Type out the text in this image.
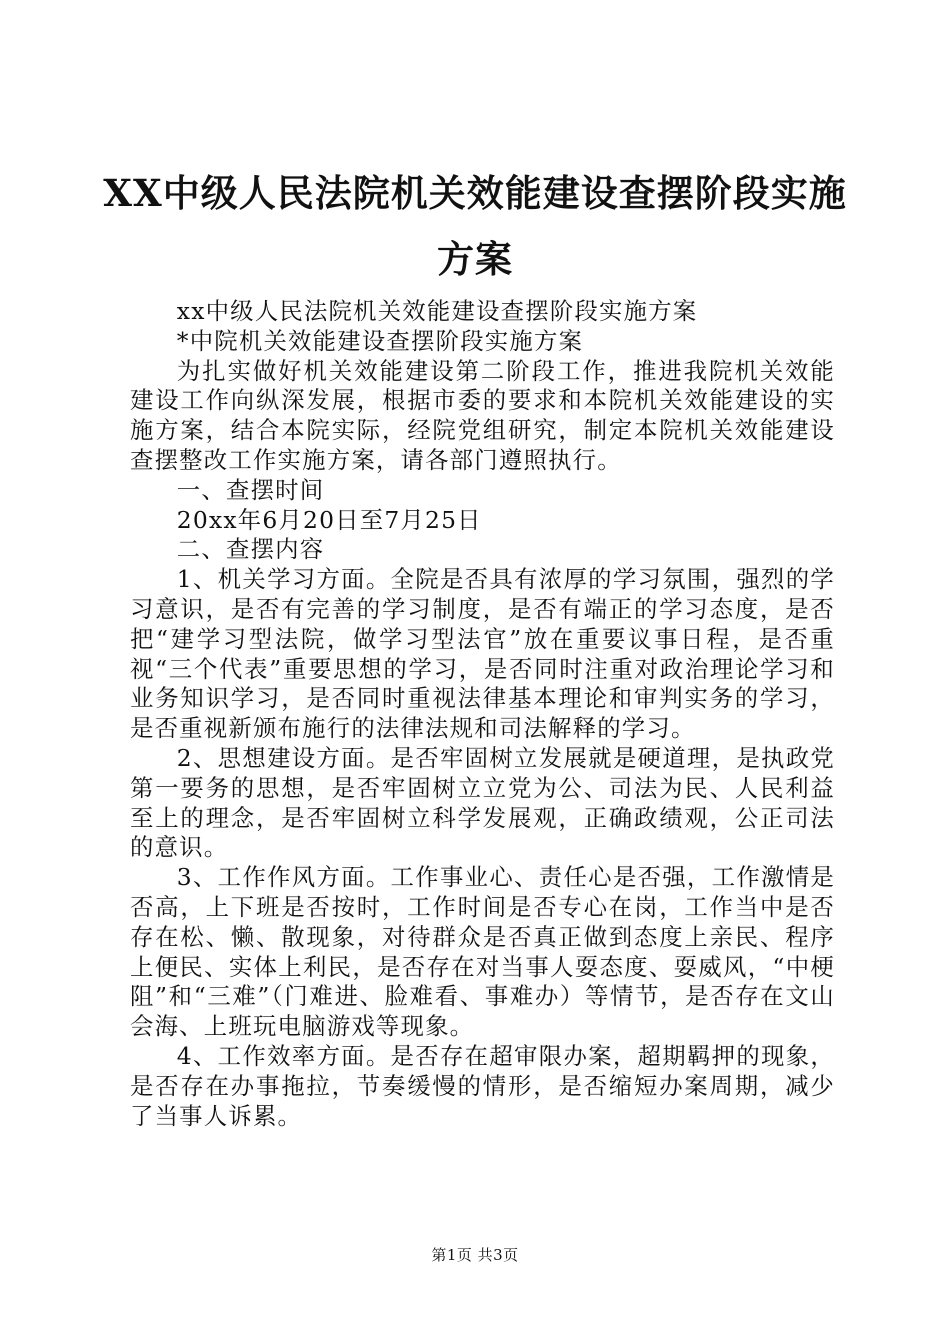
XX中级人民法院机关效能建设查摆阶段实施
方案

xx中级人民法院机关效能建设查摆阶段实施方案

*中院机关效能建设查摆阶段实施方案

为扎实做好机关效能建设第二阶段工作，推进我院机关效能建设工作向纵深发展，根据市委的要求和本院机关效能建设的实施方案，结合本院实际，经院党组研究，制定本院机关效能建设查摆整改工作实施方案，请各部门遵照执行。

一、查摆时间

20xx年6月20日至7月25日

二、查摆内容

1、机关学习方面。全院是否具有浓厚的学习氛围，强烈的学习意识，是否有完善的学习制度，是否有端正的学习态度，是否把“建学习型法院，做学习型法官”放在重要议事日程，是否重视“三个代表”重要思想的学习，是否同时注重对政治理论学习和业务知识学习，是否同时重视法律基本理论和审判实务的学习，是否重视新颁布施行的法律法规和司法解释的学习。

2、思想建设方面。是否牢固树立发展就是硬道理，是执政党第一要务的思想，是否牢固树立立党为公、司法为民、人民利益至上的理念，是否牢固树立科学发展观，正确政绩观，公正司法的意识。

3、工作作风方面。工作事业心、责任心是否强，工作激情是否高，上下班是否按时，工作时间是否专心在岗，工作当中是否存在松、懒、散现象，对待群众是否真正做到态度上亲民、程序上便民、实体上利民，是否存在对当事人耍态度、耍威风，“中梗阻”和“三难”（门难进、脸难看、事难办）等情节，是否存在文山会海、上班玩电脑游戏等现象。

4、工作效率方面。是否存在超审限办案，超期羁押的现象，是否存在办事拖拉，节奏缓慢的情形，是否缩短办案周期，减少了当事人诉累。

第1页 共3页
